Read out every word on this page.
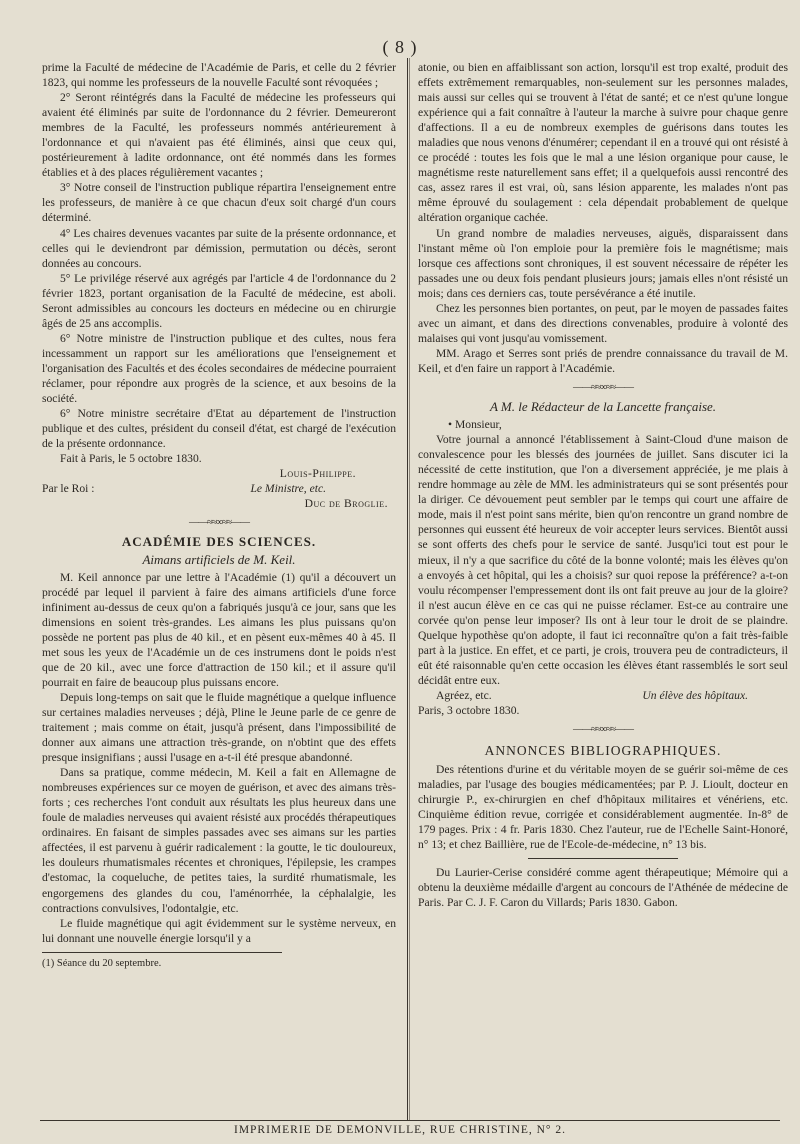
( 8 )

prime la Faculté de médecine de l'Académie de Paris, et celle du 2 février 1823, qui nomme les professeurs de la nouvelle Faculté sont révoquées ;

2° Seront réintégrés dans la Faculté de médecine les professeurs qui avaient été éliminés par suite de l'ordonnance du 2 février. Demeureront membres de la Faculté, les professeurs nommés antérieurement à l'ordonnance et qui n'avaient pas été éliminés, ainsi que ceux qui, postérieurement à ladite ordonnance, ont été nommés dans les formes établies et à des places régulièrement vacantes ;

3° Notre conseil de l'instruction publique répartira l'enseignement entre les professeurs, de manière à ce que chacun d'eux soit chargé d'un cours déterminé.

4° Les chaires devenues vacantes par suite de la présente ordonnance, et celles qui le deviendront par démission, permutation ou décès, seront données au concours.

5° Le privilége réservé aux agrégés par l'article 4 de l'ordonnance du 2 février 1823, portant organisation de la Faculté de médecine, est aboli. Seront admissibles au concours les docteurs en médecine ou en chirurgie âgés de 25 ans accomplis.

6° Notre ministre de l'instruction publique et des cultes, nous fera incessamment un rapport sur les améliorations que l'enseignement et l'organisation des Facultés et des écoles secondaires de médecine pourraient réclamer, pour répondre aux progrès de la science, et aux besoins de la société.

6° Notre ministre secrétaire d'Etat au département de l'instruction publique et des cultes, président du conseil d'état, est chargé de l'exécution de la présente ordonnance.

Fait à Paris, le 5 octobre 1830.

Louis-Philippe.

Par le Roi :	Le Ministre, etc.

Duc de Broglie.

——≈≈∞≈≈——
ACADÉMIE DES SCIENCES.
Aimans artificiels de M. Keil.

M. Keil annonce par une lettre à l'Académie (1) qu'il a découvert un procédé par lequel il parvient à faire des aimans artificiels d'une force infiniment au-dessus de ceux qu'on a fabriqués jusqu'à ce jour, sans que les dimensions en soient très-grandes. Les aimans les plus puissans qu'on possède ne portent pas plus de 40 kil., et en pèsent eux-mêmes 40 à 45. Il met sous les yeux de l'Académie un de ces instrumens dont le poids n'est que de 20 kil., avec une force d'attraction de 150 kil.; et il assure qu'il pourrait en faire de beaucoup plus puissans encore.

Depuis long-temps on sait que le fluide magnétique a quelque influence sur certaines maladies nerveuses ; déjà, Pline le Jeune parle de ce genre de traitement ; mais comme on était, jusqu'à présent, dans l'impossibilité de donner aux aimans une attraction très-grande, on n'obtint que des effets presque insignifians ; aussi l'usage en a-t-il été presque abandonné.

Dans sa pratique, comme médecin, M. Keil a fait en Allemagne de nombreuses expériences sur ce moyen de guérison, et avec des aimans très-forts ; ces recherches l'ont conduit aux résultats les plus heureux dans une foule de maladies nerveuses qui avaient résisté aux procédés thérapeutiques ordinaires. En faisant de simples passades avec ses aimans sur les parties affectées, il est parvenu à guérir radicalement : la goutte, le tic douloureux, les douleurs rhumatismales récentes et chroniques, l'épilepsie, les crampes d'estomac, la coqueluche, de petites taies, la surdité rhumatismale, les engorgemens des glandes du cou, l'aménorrhée, la céphalalgie, les contractions convulsives, l'odontalgie, etc.

Le fluide magnétique qui agit évidemment sur le système nerveux, en lui donnant une nouvelle énergie lorsqu'il y a

(1) Séance du 20 septembre.

atonie, ou bien en affaiblissant son action, lorsqu'il est trop exalté, produit des effets extrêmement remarquables, non-seulement sur les personnes malades, mais aussi sur celles qui se trouvent à l'état de santé; et ce n'est qu'une longue expérience qui a fait connaître à l'auteur la marche à suivre pour chaque genre d'affections. Il a eu de nombreux exemples de guérisons dans toutes les maladies que nous venons d'énumérer; cependant il en a trouvé qui ont résisté à ce procédé : toutes les fois que le mal a une lésion organique pour cause, le magnétisme reste naturellement sans effet; il a quelquefois aussi rencontré des cas, assez rares il est vrai, où, sans lésion apparente, les malades n'ont pas même éprouvé du soulagement : cela dépendait probablement de quelque altération organique cachée.

Un grand nombre de maladies nerveuses, aiguës, disparaissent dans l'instant même où l'on emploie pour la première fois le magnétisme; mais lorsque ces affections sont chroniques, il est souvent nécessaire de répéter les passades une ou deux fois pendant plusieurs jours; jamais elles n'ont résisté un mois; dans ces derniers cas, toute persévérance a été inutile.

Chez les personnes bien portantes, on peut, par le moyen de passades faites avec un aimant, et dans des directions convenables, produire à volonté des malaises qui vont jusqu'au vomissement.

MM. Arago et Serres sont priés de prendre connaissance du travail de M. Keil, et d'en faire un rapport à l'Académie.

——≈≈∞≈≈——
A M. le Rédacteur de la Lancette française.

• Monsieur,

Votre journal a annoncé l'établissement à Saint-Cloud d'une maison de convalescence pour les blessés des journées de juillet. Sans discuter ici la nécessité de cette institution, que l'on a diversement appréciée, je me plais à rendre hommage au zèle de MM. les administrateurs qui se sont présentés pour la diriger. Ce dévouement peut sembler par le temps qui court une affaire de mode, mais il n'est point sans mérite, bien qu'on rencontre un grand nombre de personnes qui eussent été heureux de voir accepter leurs services. Bientôt aussi se sont offerts des chefs pour le service de santé. Jusqu'ici tout est pour le mieux, il n'y a que sacrifice du côté de la bonne volonté; mais les élèves qu'on a envoyés à cet hôpital, qui les a choisis? sur quoi repose la préférence? a-t-on voulu récompenser l'empressement dont ils ont fait preuve au jour de la gloire? il n'est aucun élève en ce cas qui ne puisse réclamer. Est-ce au contraire une corvée qu'on pense leur imposer? Ils ont à leur tour le droit de se plaindre. Quelque hypothèse qu'on adopte, il faut ici reconnaître qu'on a fait très-faible part à la justice. En effet, et ce parti, je crois, trouvera peu de contradicteurs, il eût été raisonnable qu'en cette occasion les élèves étant rassemblés le sort seul décidât entre eux.

Agréez, etc.	Un élève des hôpitaux.

Paris, 3 octobre 1830.

——≈≈∞≈≈——
ANNONCES BIBLIOGRAPHIQUES.

Des rétentions d'urine et du véritable moyen de se guérir soi-même de ces maladies, par l'usage des bougies médicamentées; par P. J. Lioult, docteur en chirurgie P., ex-chirurgien en chef d'hôpitaux militaires et vénériens, etc. Cinquième édition revue, corrigée et considérablement augmentée. In-8° de 179 pages. Prix : 4 fr. Paris 1830. Chez l'auteur, rue de l'Echelle Saint-Honoré, n° 13; et chez Baillière, rue de l'Ecole-de-médecine, n° 13 bis.

Du Laurier-Cerise considéré comme agent thérapeutique; Mémoire qui a obtenu la deuxième médaille d'argent au concours de l'Athénée de médecine de Paris. Par C. J. F. Caron du Villards; Paris 1830. Gabon.

IMPRIMERIE DE DEMONVILLE, RUE CHRISTINE, N° 2.
